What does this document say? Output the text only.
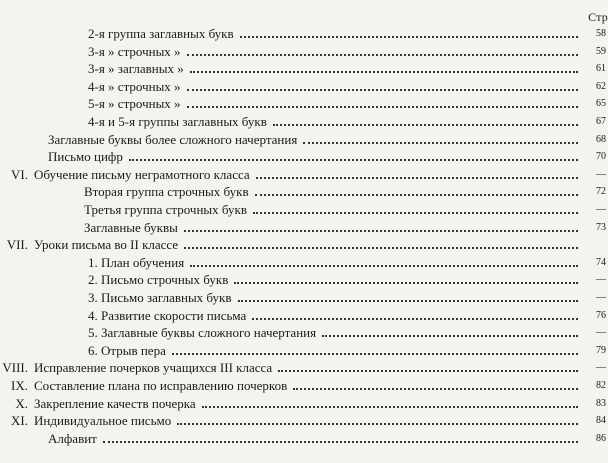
Стр
2-я группа заглавных букв	58
3-я » строчных »	59
3-я » заглавных »	61
4-я » строчных »	62
5-я » строчных »	65
4-я и 5-я группы заглавных букв	67
Заглавные буквы более сложного начертания	68
Письмо цифр	70
VI. Обучение письму неграмотного класса	—
Вторая группа строчных букв	72
Третья группа строчных букв	—
Заглавные буквы	73
VII. Уроки письма во II классе
1. План обучения	74
2. Письмо строчных букв	—
3. Письмо заглавных букв	—
4. Развитие скорости письма	76
5. Заглавные буквы сложного начертания	—
6. Отрыв пера	79
VIII. Исправление почерков учащихся III класса	—
IX. Составление плана по исправлению почерков	82
X. Закрепление качеств почерка	83
XI. Индивидуальное письмо	84
Алфавит	86
